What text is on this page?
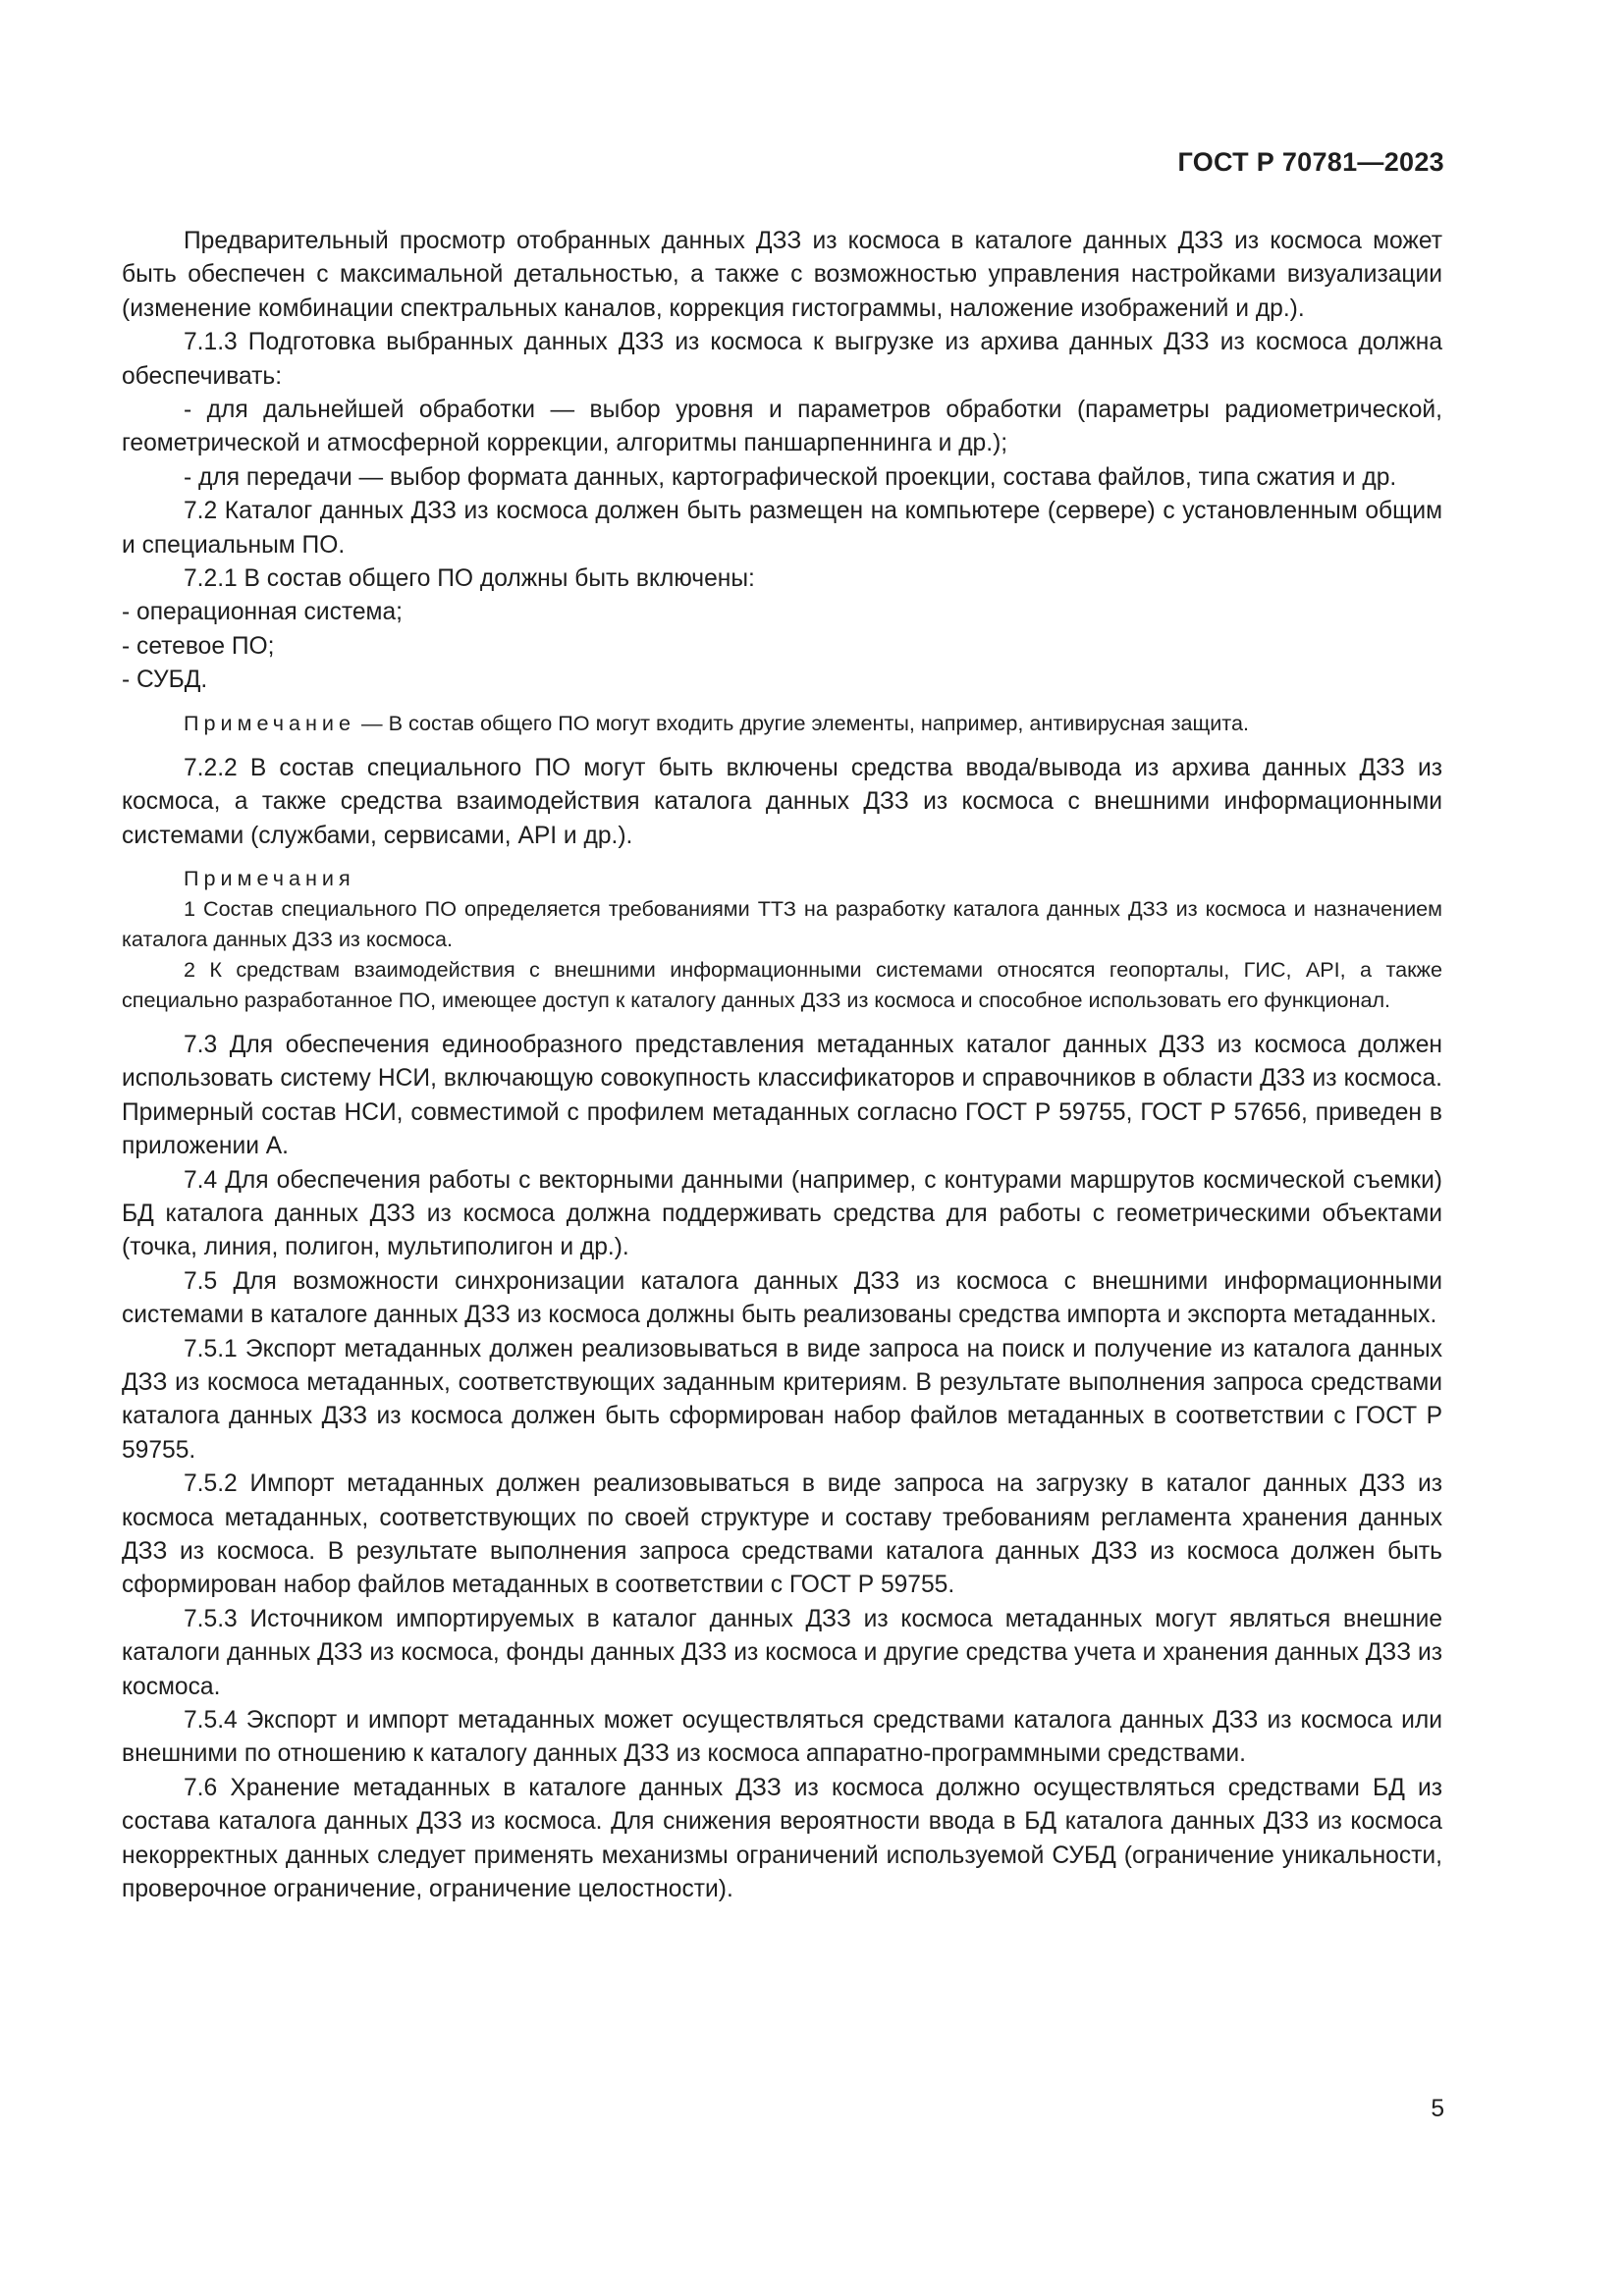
ГОСТ Р 70781—2023

Предварительный просмотр отобранных данных ДЗЗ из космоса в каталоге данных ДЗЗ из космоса может быть обеспечен с максимальной детальностью, а также с возможностью управления настройками визуализации (изменение комбинации спектральных каналов, коррекция гистограммы, наложение изображений и др.).

7.1.3 Подготовка выбранных данных ДЗЗ из космоса к выгрузке из архива данных ДЗЗ из космоса должна обеспечивать:

- для дальнейшей обработки — выбор уровня и параметров обработки (параметры радиометрической, геометрической и атмосферной коррекции, алгоритмы паншарпеннинга и др.);

- для передачи — выбор формата данных, картографической проекции, состава файлов, типа сжатия и др.

7.2 Каталог данных ДЗЗ из космоса должен быть размещен на компьютере (сервере) с установленным общим и специальным ПО.

7.2.1 В состав общего ПО должны быть включены:

- операционная система;

- сетевое ПО;

- СУБД.

Примечание — В состав общего ПО могут входить другие элементы, например, антивирусная защита.

7.2.2 В состав специального ПО могут быть включены средства ввода/вывода из архива данных ДЗЗ из космоса, а также средства взаимодействия каталога данных ДЗЗ из космоса с внешними информационными системами (службами, сервисами, API и др.).

Примечания

1 Состав специального ПО определяется требованиями ТТЗ на разработку каталога данных ДЗЗ из космоса и назначением каталога данных ДЗЗ из космоса.

2 К средствам взаимодействия с внешними информационными системами относятся геопорталы, ГИС, API, а также специально разработанное ПО, имеющее доступ к каталогу данных ДЗЗ из космоса и способное использовать его функционал.

7.3 Для обеспечения единообразного представления метаданных каталог данных ДЗЗ из космоса должен использовать систему НСИ, включающую совокупность классификаторов и справочников в области ДЗЗ из космоса. Примерный состав НСИ, совместимой с профилем метаданных согласно ГОСТ Р 59755, ГОСТ Р 57656, приведен в приложении А.

7.4 Для обеспечения работы с векторными данными (например, с контурами маршрутов космической съемки) БД каталога данных ДЗЗ из космоса должна поддерживать средства для работы с геометрическими объектами (точка, линия, полигон, мультиполигон и др.).

7.5 Для возможности синхронизации каталога данных ДЗЗ из космоса с внешними информационными системами в каталоге данных ДЗЗ из космоса должны быть реализованы средства импорта и экспорта метаданных.

7.5.1 Экспорт метаданных должен реализовываться в виде запроса на поиск и получение из каталога данных ДЗЗ из космоса метаданных, соответствующих заданным критериям. В результате выполнения запроса средствами каталога данных ДЗЗ из космоса должен быть сформирован набор файлов метаданных в соответствии с ГОСТ Р 59755.

7.5.2 Импорт метаданных должен реализовываться в виде запроса на загрузку в каталог данных ДЗЗ из космоса метаданных, соответствующих по своей структуре и составу требованиям регламента хранения данных ДЗЗ из космоса. В результате выполнения запроса средствами каталога данных ДЗЗ из космоса должен быть сформирован набор файлов метаданных в соответствии с ГОСТ Р 59755.

7.5.3 Источником импортируемых в каталог данных ДЗЗ из космоса метаданных могут являться внешние каталоги данных ДЗЗ из космоса, фонды данных ДЗЗ из космоса и другие средства учета и хранения данных ДЗЗ из космоса.

7.5.4 Экспорт и импорт метаданных может осуществляться средствами каталога данных ДЗЗ из космоса или внешними по отношению к каталогу данных ДЗЗ из космоса аппаратно-программными средствами.

7.6 Хранение метаданных в каталоге данных ДЗЗ из космоса должно осуществляться средствами БД из состава каталога данных ДЗЗ из космоса. Для снижения вероятности ввода в БД каталога данных ДЗЗ из космоса некорректных данных следует применять механизмы ограничений используемой СУБД (ограничение уникальности, проверочное ограничение, ограничение целостности).

5
